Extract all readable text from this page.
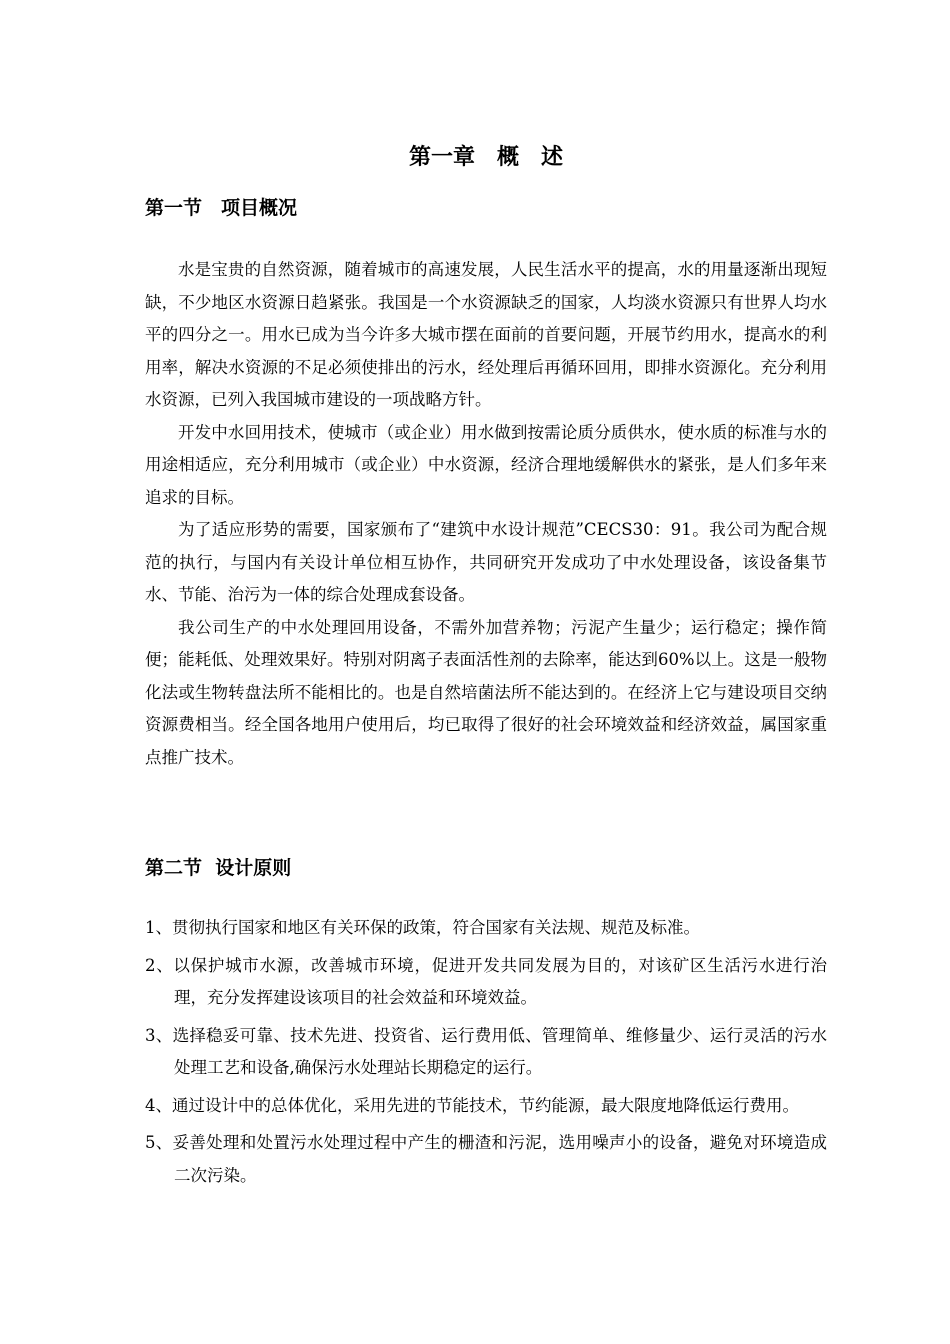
第一章　概　述
第一节　项目概况

水是宝贵的自然资源，随着城市的高速发展，人民生活水平的提高，水的用量逐渐出现短缺，不少地区水资源日趋紧张。我国是一个水资源缺乏的国家，人均淡水资源只有世界人均水平的四分之一。用水已成为当今许多大城市摆在面前的首要问题，开展节约用水，提高水的利用率，解决水资源的不足必须使排出的污水，经处理后再循环回用，即排水资源化。充分利用水资源，已列入我国城市建设的一项战略方针。

开发中水回用技术，使城市（或企业）用水做到按需论质分质供水，使水质的标准与水的用途相适应，充分利用城市（或企业）中水资源，经济合理地缓解供水的紧张，是人们多年来追求的目标。

为了适应形势的需要，国家颁布了“建筑中水设计规范”CECS30：91。我公司为配合规范的执行，与国内有关设计单位相互协作，共同研究开发成功了中水处理设备，该设备集节水、节能、治污为一体的综合处理成套设备。

我公司生产的中水处理回用设备，不需外加营养物；污泥产生量少；运行稳定；操作简便；能耗低、处理效果好。特别对阴离子表面活性剂的去除率，能达到60%以上。这是一般物化法或生物转盘法所不能相比的。也是自然培菌法所不能达到的。在经济上它与建设项目交纳资源费相当。经全国各地用户使用后，均已取得了很好的社会环境效益和经济效益，属国家重点推广技术。

第二节  设计原则
1、贯彻执行国家和地区有关环保的政策，符合国家有关法规、规范及标准。
2、以保护城市水源，改善城市环境，促进开发共同发展为目的，对该矿区生活污水进行治理，充分发挥建设该项目的社会效益和环境效益。
3、选择稳妥可靠、技术先进、投资省、运行费用低、管理简单、维修量少、运行灵活的污水处理工艺和设备,确保污水处理站长期稳定的运行。
4、通过设计中的总体优化，采用先进的节能技术，节约能源，最大限度地降低运行费用。
5、妥善处理和处置污水处理过程中产生的栅渣和污泥，选用噪声小的设备，避免对环境造成二次污染。
